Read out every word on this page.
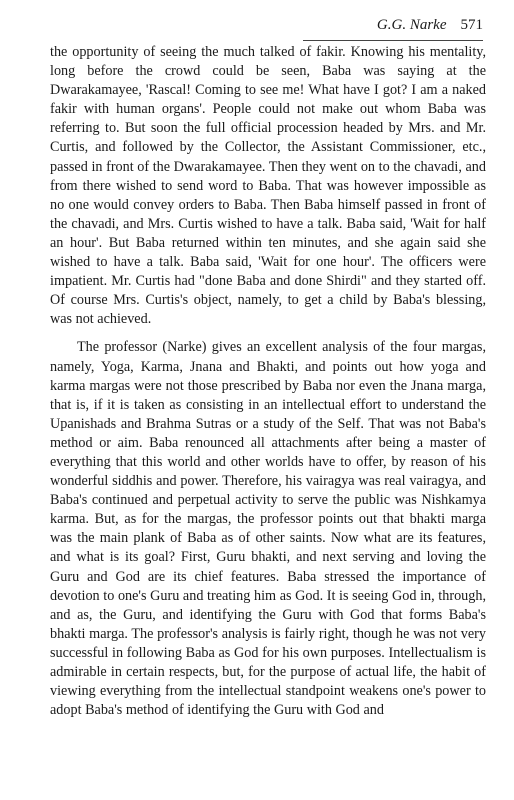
G.G. Narke 571

the opportunity of seeing the much talked of fakir. Knowing his mentality, long before the crowd could be seen, Baba was saying at the Dwarakamayee, 'Rascal! Coming to see me! What have I got? I am a naked fakir with human organs'. People could not make out whom Baba was referring to. But soon the full official procession headed by Mrs. and Mr. Curtis, and followed by the Collector, the Assistant Commissioner, etc., passed in front of the Dwarakamayee. Then they went on to the chavadi, and from there wished to send word to Baba. That was however impossible as no one would convey orders to Baba. Then Baba himself passed in front of the chavadi, and Mrs. Curtis wished to have a talk. Baba said, 'Wait for half an hour'. But Baba returned within ten minutes, and she again said she wished to have a talk. Baba said, 'Wait for one hour'. The officers were impatient. Mr. Curtis had "done Baba and done Shirdi" and they started off. Of course Mrs. Curtis's object, namely, to get a child by Baba's blessing, was not achieved.

The professor (Narke) gives an excellent analysis of the four margas, namely, Yoga, Karma, Jnana and Bhakti, and points out how yoga and karma margas were not those prescribed by Baba nor even the Jnana marga, that is, if it is taken as consisting in an intellectual effort to understand the Upanishads and Brahma Sutras or a study of the Self. That was not Baba's method or aim. Baba renounced all attachments after being a master of everything that this world and other worlds have to offer, by reason of his wonderful siddhis and power. Therefore, his vairagya was real vairagya, and Baba's continued and perpetual activity to serve the public was Nishkamya karma. But, as for the margas, the professor points out that bhakti marga was the main plank of Baba as of other saints. Now what are its features, and what is its goal? First, Guru bhakti, and next serving and loving the Guru and God are its chief features. Baba stressed the importance of devotion to one's Guru and treating him as God. It is seeing God in, through, and as, the Guru, and identifying the Guru with God that forms Baba's bhakti marga. The professor's analysis is fairly right, though he was not very successful in following Baba as God for his own purposes. Intellectualism is admirable in certain respects, but, for the purpose of actual life, the habit of viewing everything from the intellectual standpoint weakens one's power to adopt Baba's method of identifying the Guru with God and
